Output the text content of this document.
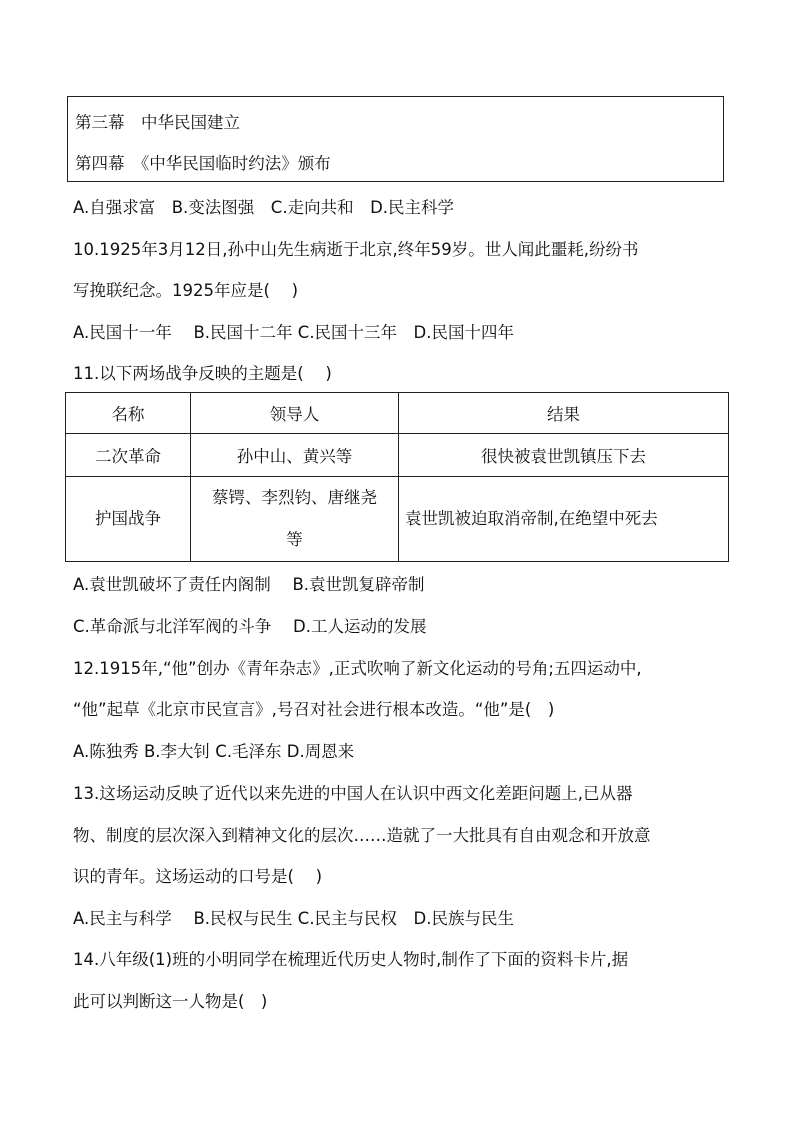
第三幕　中华民国建立
第四幕　《中华民国临时约法》颁布
A.自强求富　B.变法图强　C.走向共和　D.民主科学
10.1925年3月12日,孙中山先生病逝于北京,终年59岁。世人闻此噩耗,纷纷书
写挽联纪念。1925年应是(　 )
A.民国十一年　 B.民国十二年 C.民国十三年　D.民国十四年
11.以下两场战争反映的主题是(　 )
名称	领导人	结果
二次革命	孙中山、黄兴等	很快被袁世凯镇压下去
护国战争	蔡锷、李烈钧、唐继尧等	袁世凯被迫取消帝制,在绝望中死去
A.袁世凯破坏了责任内阁制　 B.袁世凯复辟帝制
C.革命派与北洋军阀的斗争　 D.工人运动的发展
12.1915年,“他”创办《青年杂志》,正式吹响了新文化运动的号角;五四运动中,
“他”起草《北京市民宣言》,号召对社会进行根本改造。“他”是(　)
A.陈独秀 B.李大钊 C.毛泽东 D.周恩来
13.这场运动反映了近代以来先进的中国人在认识中西文化差距问题上,已从器
物、制度的层次深入到精神文化的层次……造就了一大批具有自由观念和开放意
识的青年。这场运动的口号是(　 )
A.民主与科学　 B.民权与民生 C.民主与民权　D.民族与民生
14.八年级(1)班的小明同学在梳理近代历史人物时,制作了下面的资料卡片,据
此可以判断这一人物是(　)
